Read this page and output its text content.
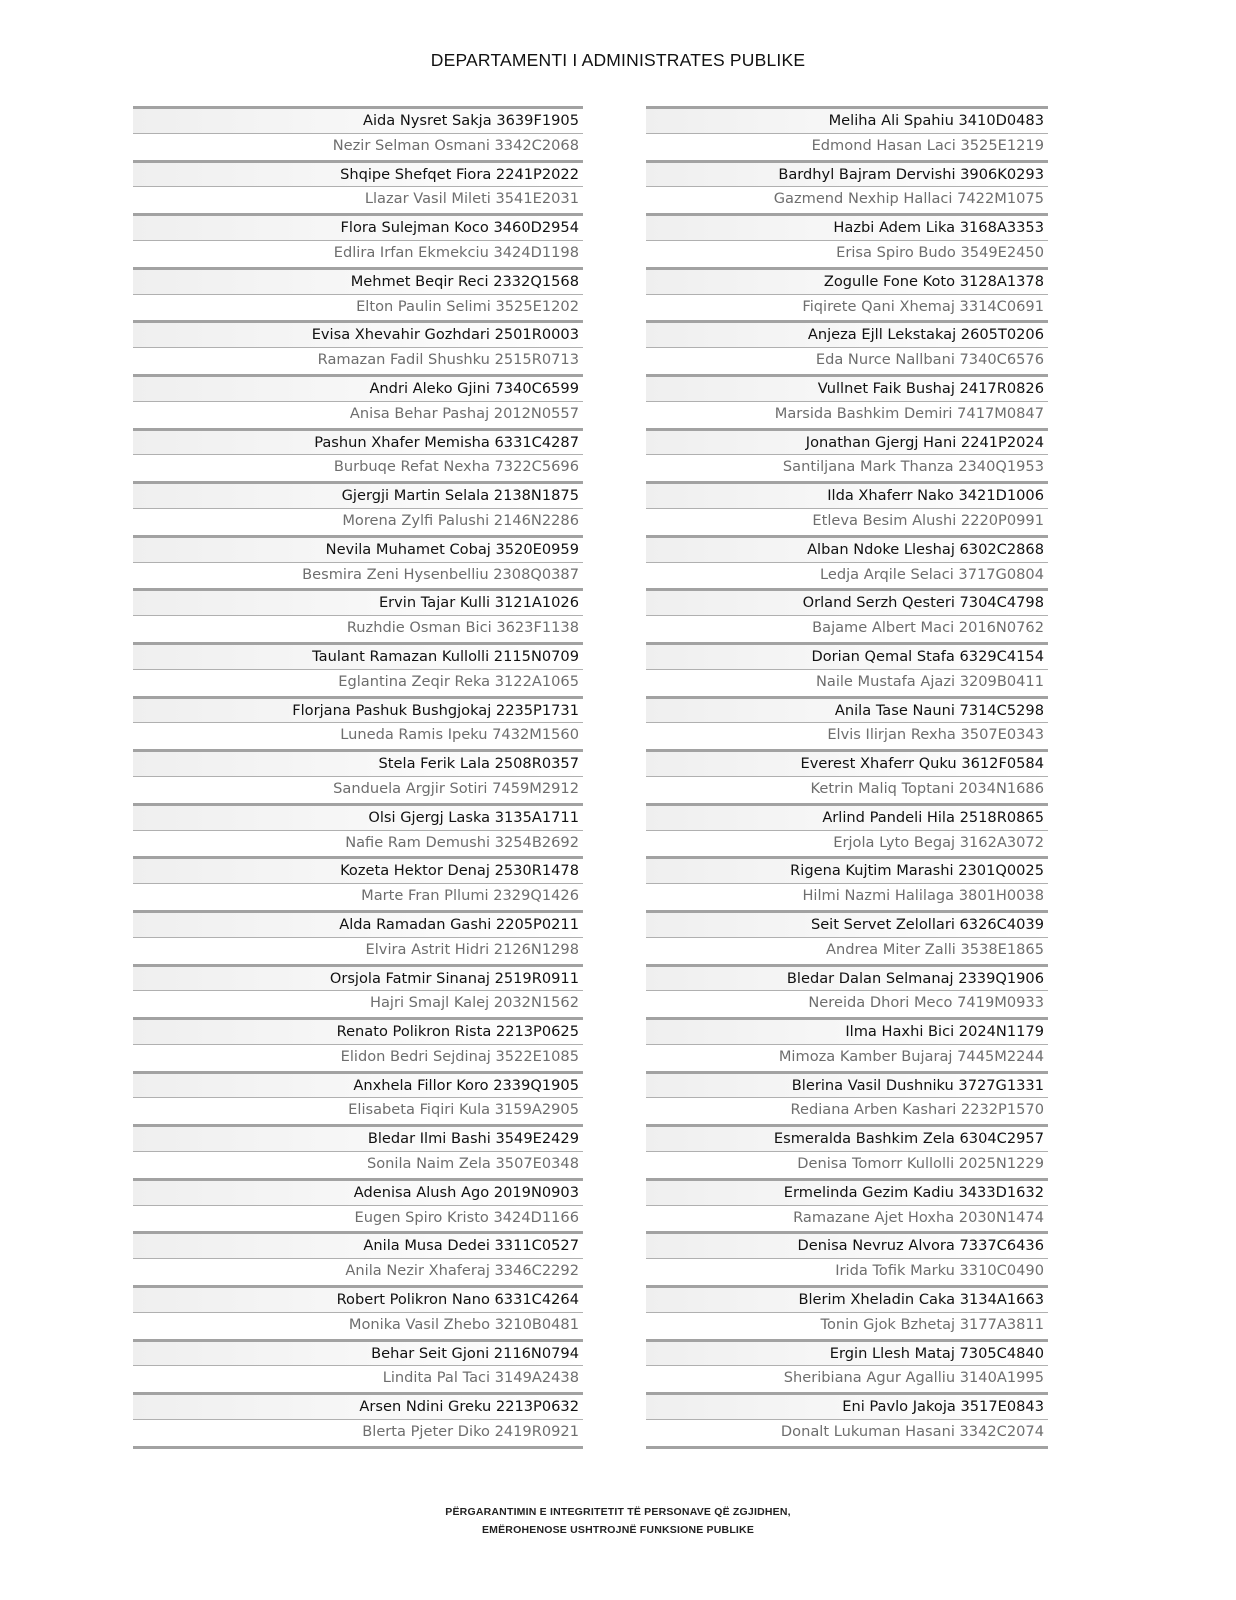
DEPARTAMENTI I ADMINISTRATES PUBLIKE
Aida Nysret Sakja 3639F1905
Nezir Selman Osmani 3342C2068
Shqipe Shefqet Fiora 2241P2022
Llazar Vasil Mileti 3541E2031
Flora Sulejman Koco 3460D2954
Edlira Irfan Ekmekciu 3424D1198
Mehmet Beqir Reci 2332Q1568
Elton Paulin Selimi 3525E1202
Evisa Xhevahir Gozhdari 2501R0003
Ramazan Fadil Shushku 2515R0713
Andri Aleko Gjini 7340C6599
Anisa Behar Pashaj 2012N0557
Pashun Xhafer Memisha 6331C4287
Burbuqe Refat Nexha 7322C5696
Gjergji Martin Selala 2138N1875
Morena Zylfi Palushi 2146N2286
Nevila Muhamet Cobaj 3520E0959
Besmira Zeni Hysenbelliu 2308Q0387
Ervin Tajar Kulli 3121A1026
Ruzhdie Osman Bici 3623F1138
Taulant Ramazan Kullolli 2115N0709
Eglantina Zeqir Reka 3122A1065
Florjana Pashuk Bushgjokaj 2235P1731
Luneda Ramis Ipeku 7432M1560
Stela Ferik Lala 2508R0357
Sanduela Argjir Sotiri 7459M2912
Olsi Gjergj Laska 3135A1711
Nafie Ram Demushi 3254B2692
Kozeta Hektor Denaj 2530R1478
Marte Fran Pllumi 2329Q1426
Alda Ramadan Gashi 2205P0211
Elvira Astrit Hidri 2126N1298
Orsjola Fatmir Sinanaj 2519R0911
Hajri Smajl Kalej 2032N1562
Renato Polikron Rista 2213P0625
Elidon Bedri Sejdinaj 3522E1085
Anxhela Fillor Koro 2339Q1905
Elisabeta Fiqiri Kula 3159A2905
Bledar Ilmi Bashi 3549E2429
Sonila Naim Zela 3507E0348
Adenisa Alush Ago 2019N0903
Eugen Spiro Kristo 3424D1166
Anila Musa Dedei 3311C0527
Anila Nezir Xhaferaj 3346C2292
Robert Polikron Nano 6331C4264
Monika Vasil Zhebo 3210B0481
Behar Seit Gjoni 2116N0794
Lindita Pal Taci 3149A2438
Arsen Ndini Greku 2213P0632
Blerta Pjeter Diko 2419R0921
Meliha Ali Spahiu 3410D0483
Edmond Hasan Laci 3525E1219
Bardhyl Bajram Dervishi 3906K0293
Gazmend Nexhip Hallaci 7422M1075
Hazbi Adem Lika 3168A3353
Erisa Spiro Budo 3549E2450
Zogulle Fone Koto 3128A1378
Fiqirete Qani Xhemaj 3314C0691
Anjeza Ejll Lekstakaj 2605T0206
Eda Nurce Nallbani 7340C6576
Vullnet Faik Bushaj 2417R0826
Marsida Bashkim Demiri 7417M0847
Jonathan Gjergj Hani 2241P2024
Santiljana Mark Thanza 2340Q1953
Ilda Xhaferr Nako 3421D1006
Etleva Besim Alushi 2220P0991
Alban Ndoke Lleshaj 6302C2868
Ledja Arqile Selaci 3717G0804
Orland Serzh Qesteri 7304C4798
Bajame Albert Maci 2016N0762
Dorian Qemal Stafa 6329C4154
Naile Mustafa Ajazi 3209B0411
Anila Tase Nauni 7314C5298
Elvis Ilirjan Rexha 3507E0343
Everest Xhaferr Quku 3612F0584
Ketrin Maliq Toptani 2034N1686
Arlind Pandeli Hila 2518R0865
Erjola Lyto Begaj 3162A3072
Rigena Kujtim Marashi 2301Q0025
Hilmi Nazmi Halilaga 3801H0038
Seit Servet Zelollari 6326C4039
Andrea Miter Zalli 3538E1865
Bledar Dalan Selmanaj 2339Q1906
Nereida Dhori Meco 7419M0933
Ilma Haxhi Bici 2024N1179
Mimoza Kamber Bujaraj 7445M2244
Blerina Vasil Dushniku 3727G1331
Rediana Arben Kashari 2232P1570
Esmeralda Bashkim Zela 6304C2957
Denisa Tomorr Kullolli 2025N1229
Ermelinda Gezim Kadiu 3433D1632
Ramazane Ajet Hoxha 2030N1474
Denisa Nevruz Alvora 7337C6436
Irida Tofik Marku 3310C0490
Blerim Xheladin Caka 3134A1663
Tonin Gjok Bzhetaj 3177A3811
Ergin Llesh Mataj 7305C4840
Sheribiana Agur Agalliu 3140A1995
Eni Pavlo Jakoja 3517E0843
Donalt Lukuman Hasani 3342C2074
PËRGARANTIMIN E INTEGRITETIT TË PERSONAVE QË ZGJIDHEN,
EMËROHENOSE USHTROJNË FUNKSIONE PUBLIKE
